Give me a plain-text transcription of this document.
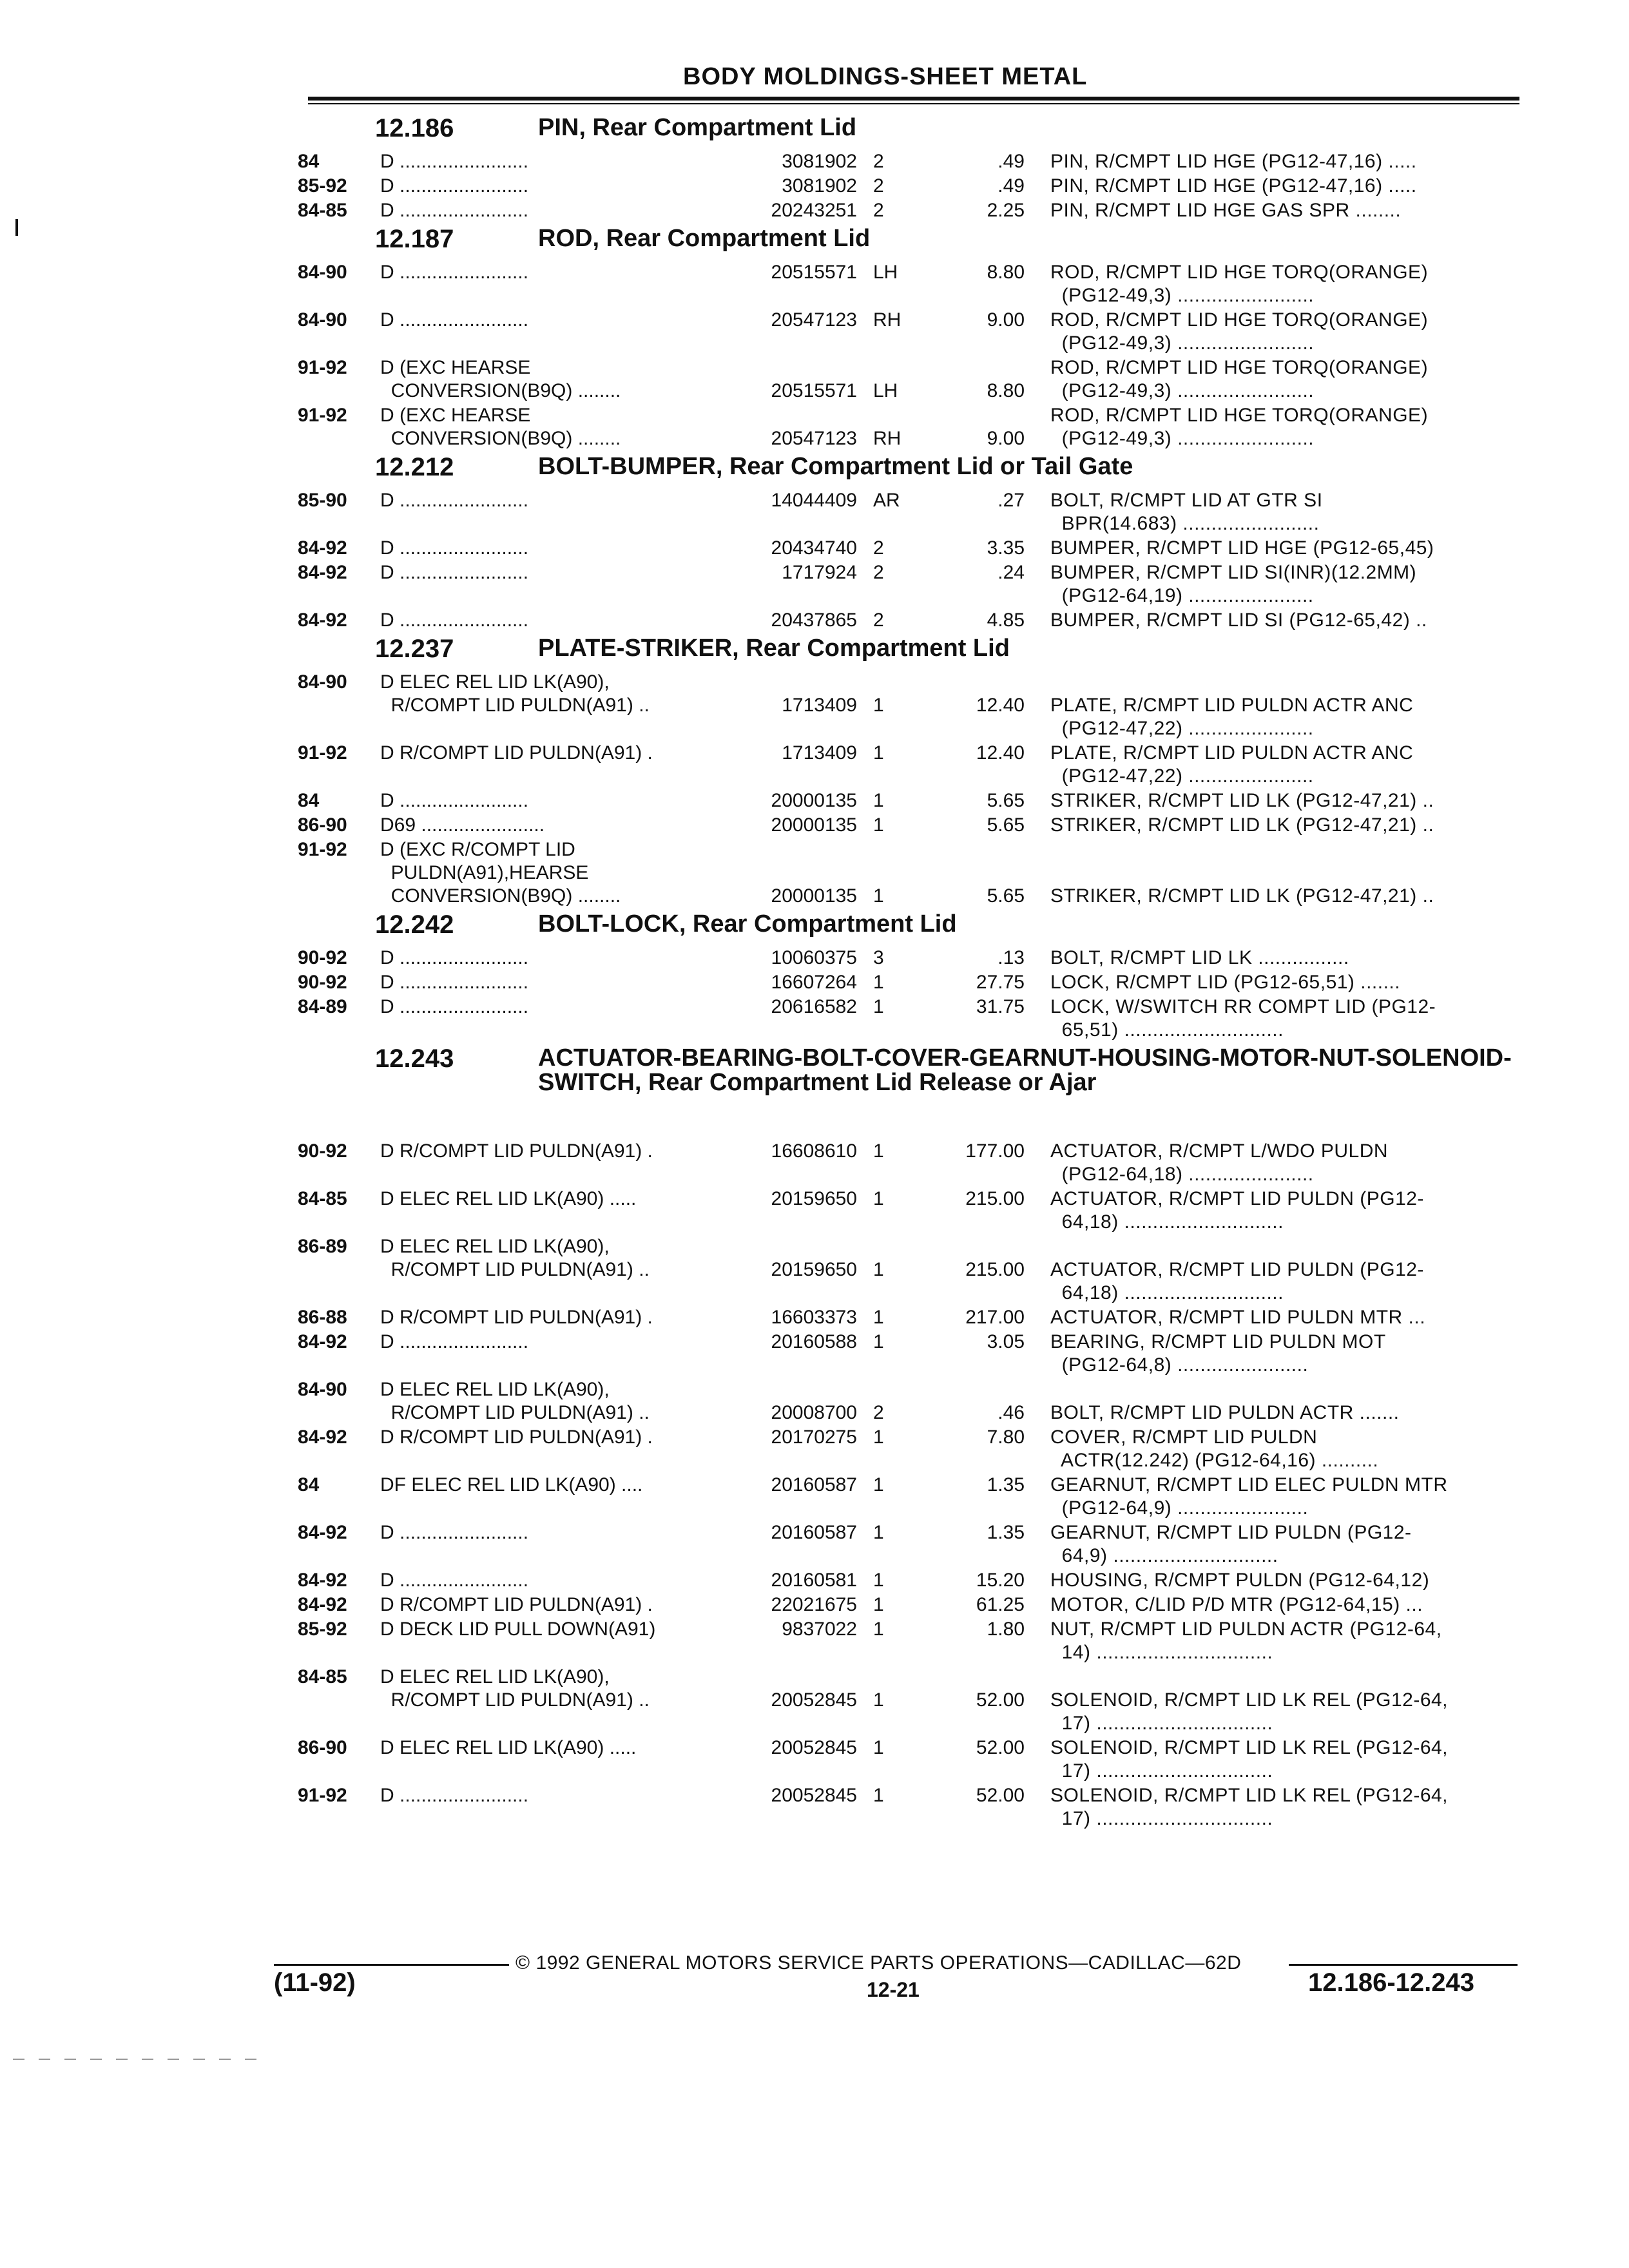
BODY MOLDINGS-SHEET METAL
12.186	PIN, Rear Compartment Lid
84	D ........................	3081902 2	.49 PIN, R/CMPT LID HGE (PG12-47,16) .....
85-92 D ........................	3081902 2	.49 PIN, R/CMPT LID HGE (PG12-47,16) .....
84-85 D ........................	20243251 2	2.25 PIN, R/CMPT LID HGE GAS SPR ........
12.187	ROD, Rear Compartment Lid
84-90 D ........................	20515571 LH	8.80 ROD, R/CMPT LID HGE TORQ(ORANGE)
(PG12-49,3) ........................
84-90 D ........................	20547123 RH	9.00 ROD, R/CMPT LID HGE TORQ(ORANGE)
(PG12-49,3) ........................
91-92 D (EXC HEARSE
CONVERSION(B9Q) ........	20515571 LH	8.80
ROD, R/CMPT LID HGE TORQ(ORANGE)
(PG12-49,3) ........................
91-92 D (EXC HEARSE
CONVERSION(B9Q) ........	20547123 RH	9.00
ROD, R/CMPT LID HGE TORQ(ORANGE)
(PG12-49,3) ........................
12.212	BOLT-BUMPER, Rear Compartment Lid or Tail Gate
85-90 D ........................	14044409 AR	.27 BOLT, R/CMPT LID AT GTR SI
BPR(14.683) ........................
84-92 D ........................	20434740 2	3.35 BUMPER, R/CMPT LID HGE (PG12-65,45)
84-92 D ........................	1717924 2	.24 BUMPER, R/CMPT LID SI(INR)(12.2MM)
(PG12-64,19) ......................
84-92 D ........................	20437865 2	4.85 BUMPER, R/CMPT LID SI (PG12-65,42) ..
12.237	PLATE-STRIKER, Rear Compartment Lid
84-90 D ELEC REL LID LK(A90),
R/COMPT LID PULDN(A91) ..	1713409 1	12.40 PLATE, R/CMPT LID PULDN ACTR ANC
(PG12-47,22) ......................
91-92 D R/COMPT LID PULDN(A91) .	1713409 1	12.40 PLATE, R/CMPT LID PULDN ACTR ANC
(PG12-47,22) ......................
84	D ........................	20000135 1	5.65 STRIKER, R/CMPT LID LK (PG12-47,21) ..
86-90 D69 .......................	20000135 1	5.65 STRIKER, R/CMPT LID LK (PG12-47,21) ..
91-92 D (EXC R/COMPT LID
PULDN(A91),HEARSE
CONVERSION(B9Q) ........	20000135 1	5.65 STRIKER, R/CMPT LID LK (PG12-47,21) ..
12.242	BOLT-LOCK, Rear Compartment Lid
90-92 D ........................	10060375 3	.13 BOLT, R/CMPT LID LK ................
90-92 D ........................	16607264 1	27.75 LOCK, R/CMPT LID (PG12-65,51) .......
84-89 D ........................	20616582 1	31.75 LOCK, W/SWITCH RR COMPT LID (PG12-
65,51) ............................
12.243	ACTUATOR-BEARING-BOLT-COVER-GEARNUT-HOUSING-MOTOR-NUT-SOLENOID-SWITCH, Rear Compartment Lid Release or Ajar
90-92 D R/COMPT LID PULDN(A91) .	16608610 1	177.00 ACTUATOR, R/CMPT L/WDO PULDN
(PG12-64,18) ......................
84-85 D ELEC REL LID LK(A90) .....	20159650 1	215.00 ACTUATOR, R/CMPT LID PULDN (PG12-
64,18) ............................
86-89 D ELEC REL LID LK(A90),
R/COMPT LID PULDN(A91) ..	20159650 1	215.00 ACTUATOR, R/CMPT LID PULDN (PG12-
64,18) ............................
86-88 D R/COMPT LID PULDN(A91) .	16603373 1	217.00 ACTUATOR, R/CMPT LID PULDN MTR ...
84-92 D ........................	20160588 1	3.05 BEARING, R/CMPT LID PULDN MOT
(PG12-64,8) .......................
84-90 D ELEC REL LID LK(A90),
R/COMPT LID PULDN(A91) ..	20008700 2	.46 BOLT, R/CMPT LID PULDN ACTR .......
84-92 D R/COMPT LID PULDN(A91) .	20170275 1	7.80 COVER, R/CMPT LID PULDN
ACTR(12.242) (PG12-64,16) ..........
84	DF ELEC REL LID LK(A90) ....	20160587 1	1.35 GEARNUT, R/CMPT LID ELEC PULDN MTR
(PG12-64,9) .......................
84-92 D ........................	20160587 1	1.35 GEARNUT, R/CMPT LID PULDN (PG12-
64,9) .............................
84-92 D ........................	20160581 1	15.20 HOUSING, R/CMPT PULDN (PG12-64,12)
84-92 D R/COMPT LID PULDN(A91) .	22021675 1	61.25 MOTOR, C/LID P/D MTR (PG12-64,15) ...
85-92 D DECK LID PULL DOWN(A91)	9837022 1	1.80 NUT, R/CMPT LID PULDN ACTR (PG12-64,
14) ...............................
84-85 D ELEC REL LID LK(A90),
R/COMPT LID PULDN(A91) ..	20052845 1	52.00 SOLENOID, R/CMPT LID LK REL (PG12-64,
17) ...............................
86-90 D ELEC REL LID LK(A90) .....	20052845 1	52.00 SOLENOID, R/CMPT LID LK REL (PG12-64,
17) ...............................
91-92 D ........................	20052845 1	52.00 SOLENOID, R/CMPT LID LK REL (PG12-64,
17) ...............................
© 1992 GENERAL MOTORS SERVICE PARTS OPERATIONS—CADILLAC—62D
(11-92)	12-21	12.186-12.243
